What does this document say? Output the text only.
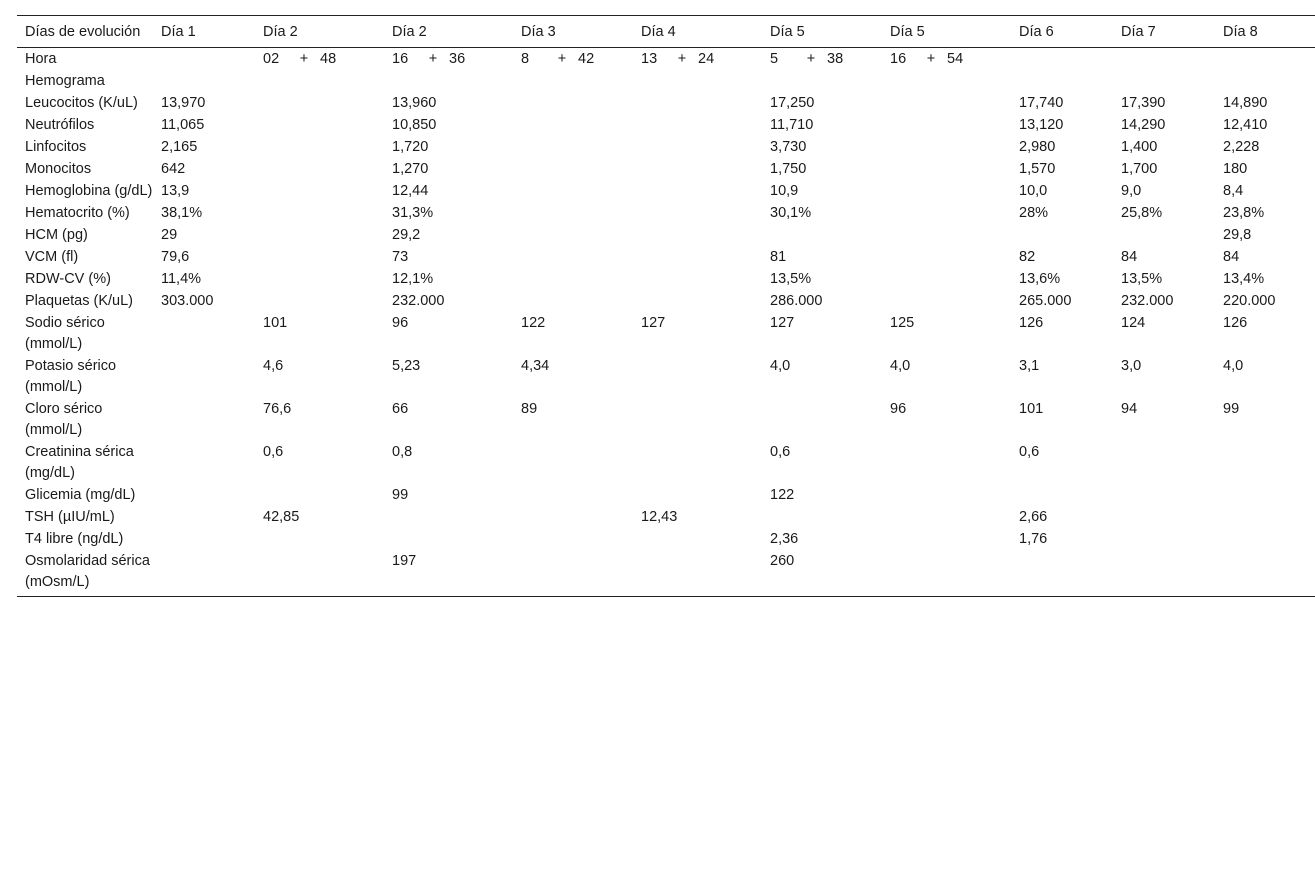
Días de evolución	Día 1	Día 2	Día 2	Día 3	Día 4	Día 5	Día 5	Día 6	Día 7	Día 8
Hora		02 + 48	16 + 36	8 + 42	13 + 24	5 + 38	16 + 54			
Hemograma										
Leucocitos (K/uL)	13,970		13,960			17,250		17,740	17,390	14,890
Neutrófilos	11,065		10,850			11,710		13,120	14,290	12,410
Linfocitos	2,165		1,720			3,730		2,980	1,400	2,228
Monocitos	642		1,270			1,750		1,570	1,700	180
Hemoglobina (g/dL)	13,9		12,44			10,9		10,0	9,0	8,4
Hematocrito (%)	38,1%		31,3%			30,1%		28%	25,8%	23,8%
HCM (pg)	29		29,2							29,8
VCM (fl)	79,6		73			81		82	84	84
RDW-CV (%)	11,4%		12,1%			13,5%		13,6%	13,5%	13,4%
Plaquetas (K/uL)	303.000		232.000			286.000		265.000	232.000	220.000
Sodio sérico (mmol/L)		101	96	122	127	127	125	126	124	126
Potasio sérico (mmol/L)		4,6	5,23	4,34		4,0	4,0	3,1	3,0	4,0
Cloro sérico (mmol/L)		76,6	66	89			96	101	94	99
Creatinina sérica (mg/dL)		0,6	0,8			0,6		0,6		
Glicemia (mg/dL)			99			122				
TSH (µIU/mL)		42,85			12,43			2,66		
T4 libre (ng/dL)						2,36		1,76		
Osmolaridad sérica (mOsm/L)			197			260				
